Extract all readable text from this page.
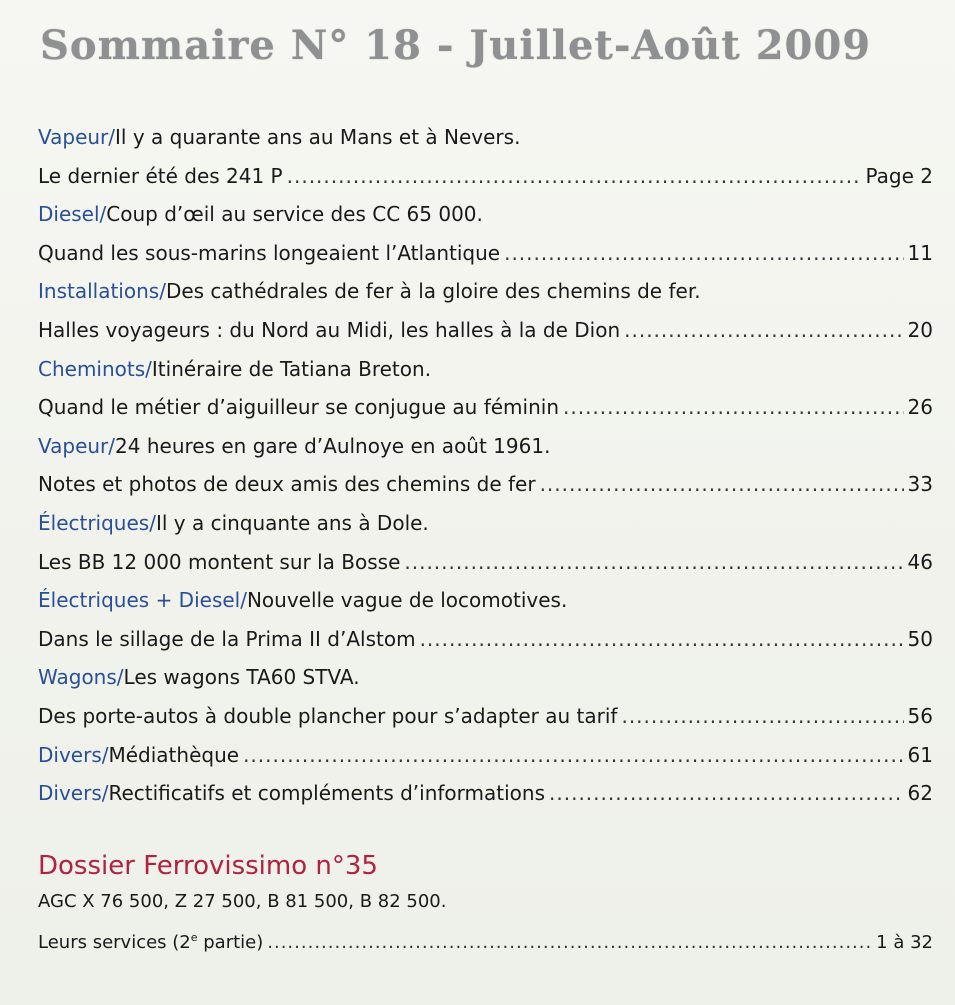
Sommaire N° 18 - Juillet-Août 2009
Vapeur/Il y a quarante ans au Mans et à Nevers.
Le dernier été des 241 P .....	Page 2
Diesel/Coup d’œil au service des CC 65 000.
Quand les sous-marins longeaient l’Atlantique .....	11
Installations/Des cathédrales de fer à la gloire des chemins de fer.
Halles voyageurs : du Nord au Midi, les halles à la de Dion .....	20
Cheminots/Itinéraire de Tatiana Breton.
Quand le métier d’aiguilleur se conjugue au féminin .....	26
Vapeur/24 heures en gare d’Aulnoye en août 1961.
Notes et photos de deux amis des chemins de fer .....	33
Électriques/Il y a cinquante ans à Dole.
Les BB 12 000 montent sur la Bosse .....	46
Électriques + Diesel/Nouvelle vague de locomotives.
Dans le sillage de la Prima II d’Alstom .....	50
Wagons/Les wagons TA60 STVA.
Des porte-autos à double plancher pour s’adapter au tarif .....	56
Divers/Médiathèque .....	61
Divers/Rectificatifs et compléments d’informations .....	62
Dossier Ferrovissimo n°35
AGC X 76 500, Z 27 500, B 81 500, B 82 500.
Leurs services (2e partie) .....	1 à 32
